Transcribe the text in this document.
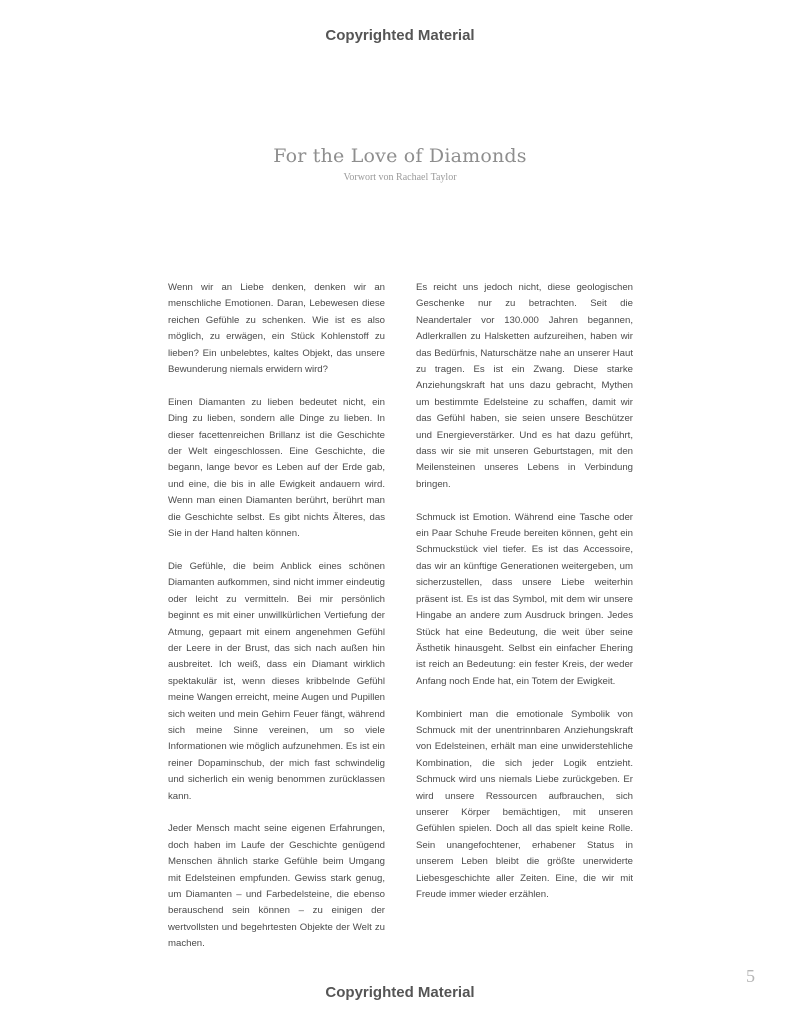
Copyrighted Material
For the Love of Diamonds
Vorwort von Rachael Taylor

Wenn wir an Liebe denken, denken wir an menschliche Emotionen. Daran, Lebewesen diese reichen Gefühle zu schenken. Wie ist es also möglich, zu erwägen, ein Stück Kohlenstoff zu lieben? Ein unbelebtes, kaltes Objekt, das unsere Bewunderung niemals erwidern wird?

Einen Diamanten zu lieben bedeutet nicht, ein Ding zu lieben, sondern alle Dinge zu lieben. In dieser facettenreichen Brillanz ist die Geschichte der Welt eingeschlossen. Eine Geschichte, die begann, lange bevor es Leben auf der Erde gab, und eine, die bis in alle Ewigkeit andauern wird. Wenn man einen Diamanten berührt, berührt man die Geschichte selbst. Es gibt nichts Älteres, das Sie in der Hand halten können.

Die Gefühle, die beim Anblick eines schönen Diamanten aufkommen, sind nicht immer eindeutig oder leicht zu vermitteln. Bei mir persönlich beginnt es mit einer unwillkürlichen Vertiefung der Atmung, gepaart mit einem angenehmen Gefühl der Leere in der Brust, das sich nach außen hin ausbreitet. Ich weiß, dass ein Diamant wirklich spektakulär ist, wenn dieses kribbelnde Gefühl meine Wangen erreicht, meine Augen und Pupillen sich weiten und mein Gehirn Feuer fängt, während sich meine Sinne vereinen, um so viele Informationen wie möglich aufzunehmen. Es ist ein reiner Dopaminschub, der mich fast schwindelig und sicherlich ein wenig benommen zurücklassen kann.

Jeder Mensch macht seine eigenen Erfahrungen, doch haben im Laufe der Geschichte genügend Menschen ähnlich starke Gefühle beim Umgang mit Edelsteinen empfunden. Gewiss stark genug, um Diamanten – und Farbedelsteine, die ebenso berauschend sein können – zu einigen der wertvollsten und begehrtesten Objekte der Welt zu machen.

Es reicht uns jedoch nicht, diese geologischen Geschenke nur zu betrachten. Seit die Neandertaler vor 130.000 Jahren begannen, Adlerkrallen zu Halsketten aufzureihen, haben wir das Bedürfnis, Naturschätze nahe an unserer Haut zu tragen. Es ist ein Zwang. Diese starke Anziehungskraft hat uns dazu gebracht, Mythen um bestimmte Edelsteine zu schaffen, damit wir das Gefühl haben, sie seien unsere Beschützer und Energieverstärker. Und es hat dazu geführt, dass wir sie mit unseren Geburtstagen, mit den Meilensteinen unseres Lebens in Verbindung bringen.

Schmuck ist Emotion. Während eine Tasche oder ein Paar Schuhe Freude bereiten können, geht ein Schmuckstück viel tiefer. Es ist das Accessoire, das wir an künftige Generationen weitergeben, um sicherzustellen, dass unsere Liebe weiterhin präsent ist. Es ist das Symbol, mit dem wir unsere Hingabe an andere zum Ausdruck bringen. Jedes Stück hat eine Bedeutung, die weit über seine Ästhetik hinausgeht. Selbst ein einfacher Ehering ist reich an Bedeutung: ein fester Kreis, der weder Anfang noch Ende hat, ein Totem der Ewigkeit.

Kombiniert man die emotionale Symbolik von Schmuck mit der unentrinnbaren Anziehungskraft von Edelsteinen, erhält man eine unwiderstehliche Kombination, die sich jeder Logik entzieht. Schmuck wird uns niemals Liebe zurückgeben. Er wird unsere Ressourcen aufbrauchen, sich unserer Körper bemächtigen, mit unseren Gefühlen spielen. Doch all das spielt keine Rolle. Sein unangefochtener, erhabener Status in unserem Leben bleibt die größte unerwiderte Liebesgeschichte aller Zeiten. Eine, die wir mit Freude immer wieder erzählen.

5
Copyrighted Material
